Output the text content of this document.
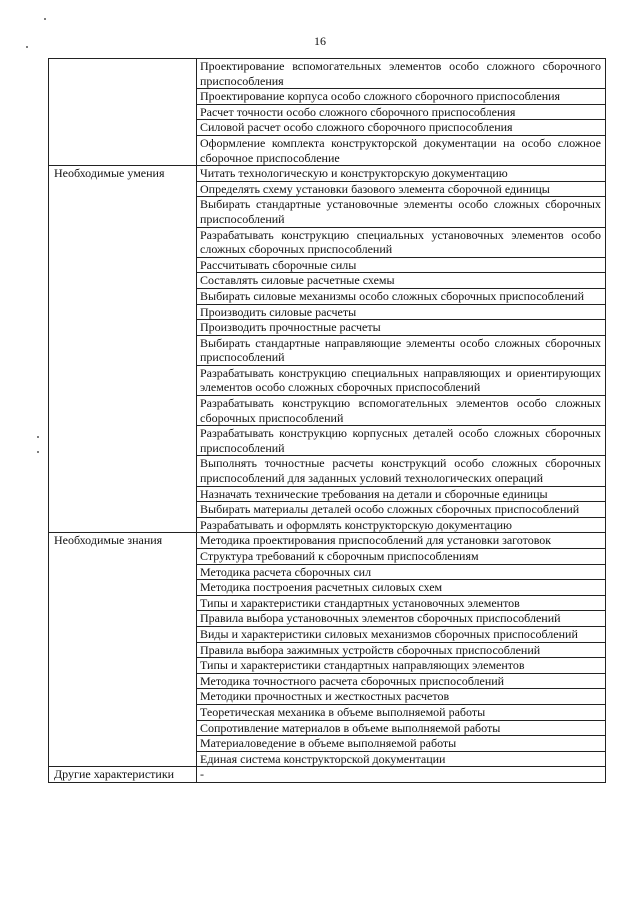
16
	Проектирование вспомогательных элементов особо сложного сборочного приспособления
	Проектирование корпуса особо сложного сборочного приспособления
	Расчет точности особо сложного сборочного приспособления
	Силовой расчет особо сложного сборочного приспособления
	Оформление комплекта конструкторской документации на особо сложное сборочное приспособление
Необходимые умения	Читать технологическую и конструкторскую документацию
	Определять схему установки базового элемента сборочной единицы
	Выбирать стандартные установочные элементы особо сложных сборочных приспособлений
	Разрабатывать конструкцию специальных установочных элементов особо сложных сборочных приспособлений
	Рассчитывать сборочные силы
	Составлять силовые расчетные схемы
	Выбирать силовые механизмы особо сложных сборочных приспособлений
	Производить силовые расчеты
	Производить прочностные расчеты
	Выбирать стандартные направляющие элементы особо сложных сборочных приспособлений
	Разрабатывать конструкцию специальных направляющих и ориентирующих элементов особо сложных сборочных приспособлений
	Разрабатывать конструкцию вспомогательных элементов особо сложных сборочных приспособлений
	Разрабатывать конструкцию корпусных деталей особо сложных сборочных приспособлений
	Выполнять точностные расчеты конструкций особо сложных сборочных приспособлений для заданных условий технологических операций
	Назначать технические требования на детали и сборочные единицы
	Выбирать материалы деталей особо сложных сборочных приспособлений
	Разрабатывать и оформлять конструкторскую документацию
Необходимые знания	Методика проектирования приспособлений для установки заготовок
	Структура требований к сборочным приспособлениям
	Методика расчета сборочных сил
	Методика построения расчетных силовых схем
	Типы и характеристики стандартных установочных элементов
	Правила выбора установочных элементов сборочных приспособлений
	Виды и характеристики силовых механизмов сборочных приспособлений
	Правила выбора зажимных устройств сборочных приспособлений
	Типы и характеристики стандартных направляющих элементов
	Методика точностного расчета сборочных приспособлений
	Методики прочностных и жесткостных расчетов
	Теоретическая механика в объеме выполняемой работы
	Сопротивление материалов в объеме выполняемой работы
	Материаловедение в объеме выполняемой работы
	Единая система конструкторской документации
Другие характеристики	-
